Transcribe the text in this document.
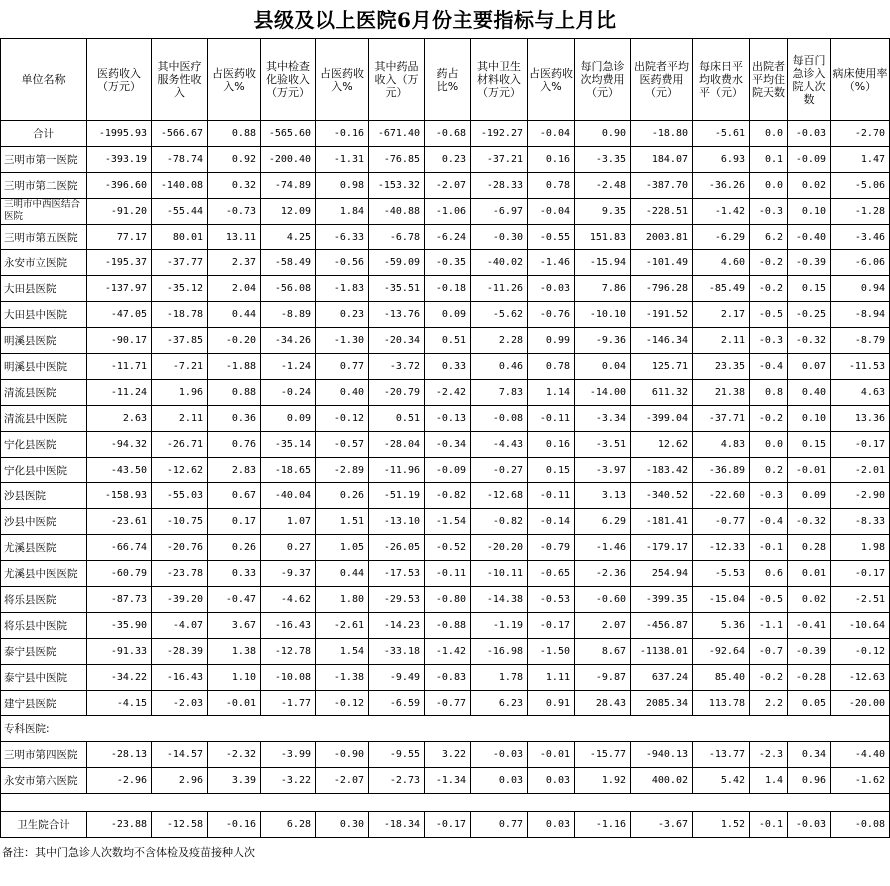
县级及以上医院6月份主要指标与上月比
单位名称	医药收入（万元）	其中医疗服务性收入	占医药收入%	其中检查化验收入（万元）	占医药收入%	其中药品收入（万元）	药占比%	其中卫生材料收入（万元）	占医药收入%	每门急诊次均费用（元）	出院者平均医药费用（元）	每床日平均收费水平（元）	出院者平均住院天数	每百门急诊入院人次数	病床使用率（%）
合计	-1995.93	-566.67	0.88	-565.60	-0.16	-671.40	-0.68	-192.27	-0.04	0.90	-18.80	-5.61	0.0	-0.03	-2.70
三明市第一医院	-393.19	-78.74	0.92	-200.40	-1.31	-76.85	0.23	-37.21	0.16	-3.35	184.07	6.93	0.1	-0.09	1.47
三明市第二医院	-396.60	-140.08	0.32	-74.89	0.98	-153.32	-2.07	-28.33	0.78	-2.48	-387.70	-36.26	0.0	0.02	-5.06
三明市中西医结合医院	-91.20	-55.44	-0.73	12.09	1.84	-40.88	-1.06	-6.97	-0.04	9.35	-228.51	-1.42	-0.3	0.10	-1.28
三明市第五医院	77.17	80.01	13.11	4.25	-6.33	-6.78	-6.24	-0.30	-0.55	151.83	2003.81	-6.29	6.2	-0.40	-3.46
永安市立医院	-195.37	-37.77	2.37	-58.49	-0.56	-59.09	-0.35	-40.02	-1.46	-15.94	-101.49	4.60	-0.2	-0.39	-6.06
大田县医院	-137.97	-35.12	2.04	-56.08	-1.83	-35.51	-0.18	-11.26	-0.03	7.86	-796.28	-85.49	-0.2	0.15	0.94
大田县中医院	-47.05	-18.78	0.44	-8.89	0.23	-13.76	0.09	-5.62	-0.76	-10.10	-191.52	2.17	-0.5	-0.25	-8.94
明溪县医院	-90.17	-37.85	-0.20	-34.26	-1.30	-20.34	0.51	2.28	0.99	-9.36	-146.34	2.11	-0.3	-0.32	-8.79
明溪县中医院	-11.71	-7.21	-1.88	-1.24	0.77	-3.72	0.33	0.46	0.78	0.04	125.71	23.35	-0.4	0.07	-11.53
清流县医院	-11.24	1.96	0.88	-0.24	0.40	-20.79	-2.42	7.83	1.14	-14.00	611.32	21.38	0.8	0.40	4.63
清流县中医院	2.63	2.11	0.36	0.09	-0.12	0.51	-0.13	-0.08	-0.11	-3.34	-399.04	-37.71	-0.2	0.10	13.36
宁化县医院	-94.32	-26.71	0.76	-35.14	-0.57	-28.04	-0.34	-4.43	0.16	-3.51	12.62	4.83	0.0	0.15	-0.17
宁化县中医院	-43.50	-12.62	2.83	-18.65	-2.89	-11.96	-0.09	-0.27	0.15	-3.97	-183.42	-36.89	0.2	-0.01	-2.01
沙县医院	-158.93	-55.03	0.67	-40.04	0.26	-51.19	-0.82	-12.68	-0.11	3.13	-340.52	-22.60	-0.3	0.09	-2.90
沙县中医院	-23.61	-10.75	0.17	1.07	1.51	-13.10	-1.54	-0.82	-0.14	6.29	-181.41	-0.77	-0.4	-0.32	-8.33
尤溪县医院	-66.74	-20.76	0.26	0.27	1.05	-26.05	-0.52	-20.20	-0.79	-1.46	-179.17	-12.33	-0.1	0.28	1.98
尤溪县中医医院	-60.79	-23.78	0.33	-9.37	0.44	-17.53	-0.11	-10.11	-0.65	-2.36	254.94	-5.53	0.6	0.01	-0.17
将乐县医院	-87.73	-39.20	-0.47	-4.62	1.80	-29.53	-0.80	-14.38	-0.53	-0.60	-399.35	-15.04	-0.5	0.02	-2.51
将乐县中医院	-35.90	-4.07	3.67	-16.43	-2.61	-14.23	-0.88	-1.19	-0.17	2.07	-456.87	5.36	-1.1	-0.41	-10.64
泰宁县医院	-91.33	-28.39	1.38	-12.78	1.54	-33.18	-1.42	-16.98	-1.50	8.67	-1138.01	-92.64	-0.7	-0.39	-0.12
泰宁县中医院	-34.22	-16.43	1.10	-10.08	-1.38	-9.49	-0.83	1.78	1.11	-9.87	637.24	85.40	-0.2	-0.28	-12.63
建宁县医院	-4.15	-2.03	-0.01	-1.77	-0.12	-6.59	-0.77	6.23	0.91	28.43	2085.34	113.78	2.2	0.05	-20.00
专科医院:															
三明市第四医院	-28.13	-14.57	-2.32	-3.99	-0.90	-9.55	3.22	-0.03	-0.01	-15.77	-940.13	-13.77	-2.3	0.34	-4.40
永安市第六医院	-2.96	2.96	3.39	-3.22	-2.07	-2.73	-1.34	0.03	0.03	1.92	400.02	5.42	1.4	0.96	-1.62

卫生院合计	-23.88	-12.58	-0.16	6.28	0.30	-18.34	-0.17	0.77	0.03	-1.16	-3.67	1.52	-0.1	-0.03	-0.08
备注：其中门急诊人次数均不含体检及疫苗接种人次
